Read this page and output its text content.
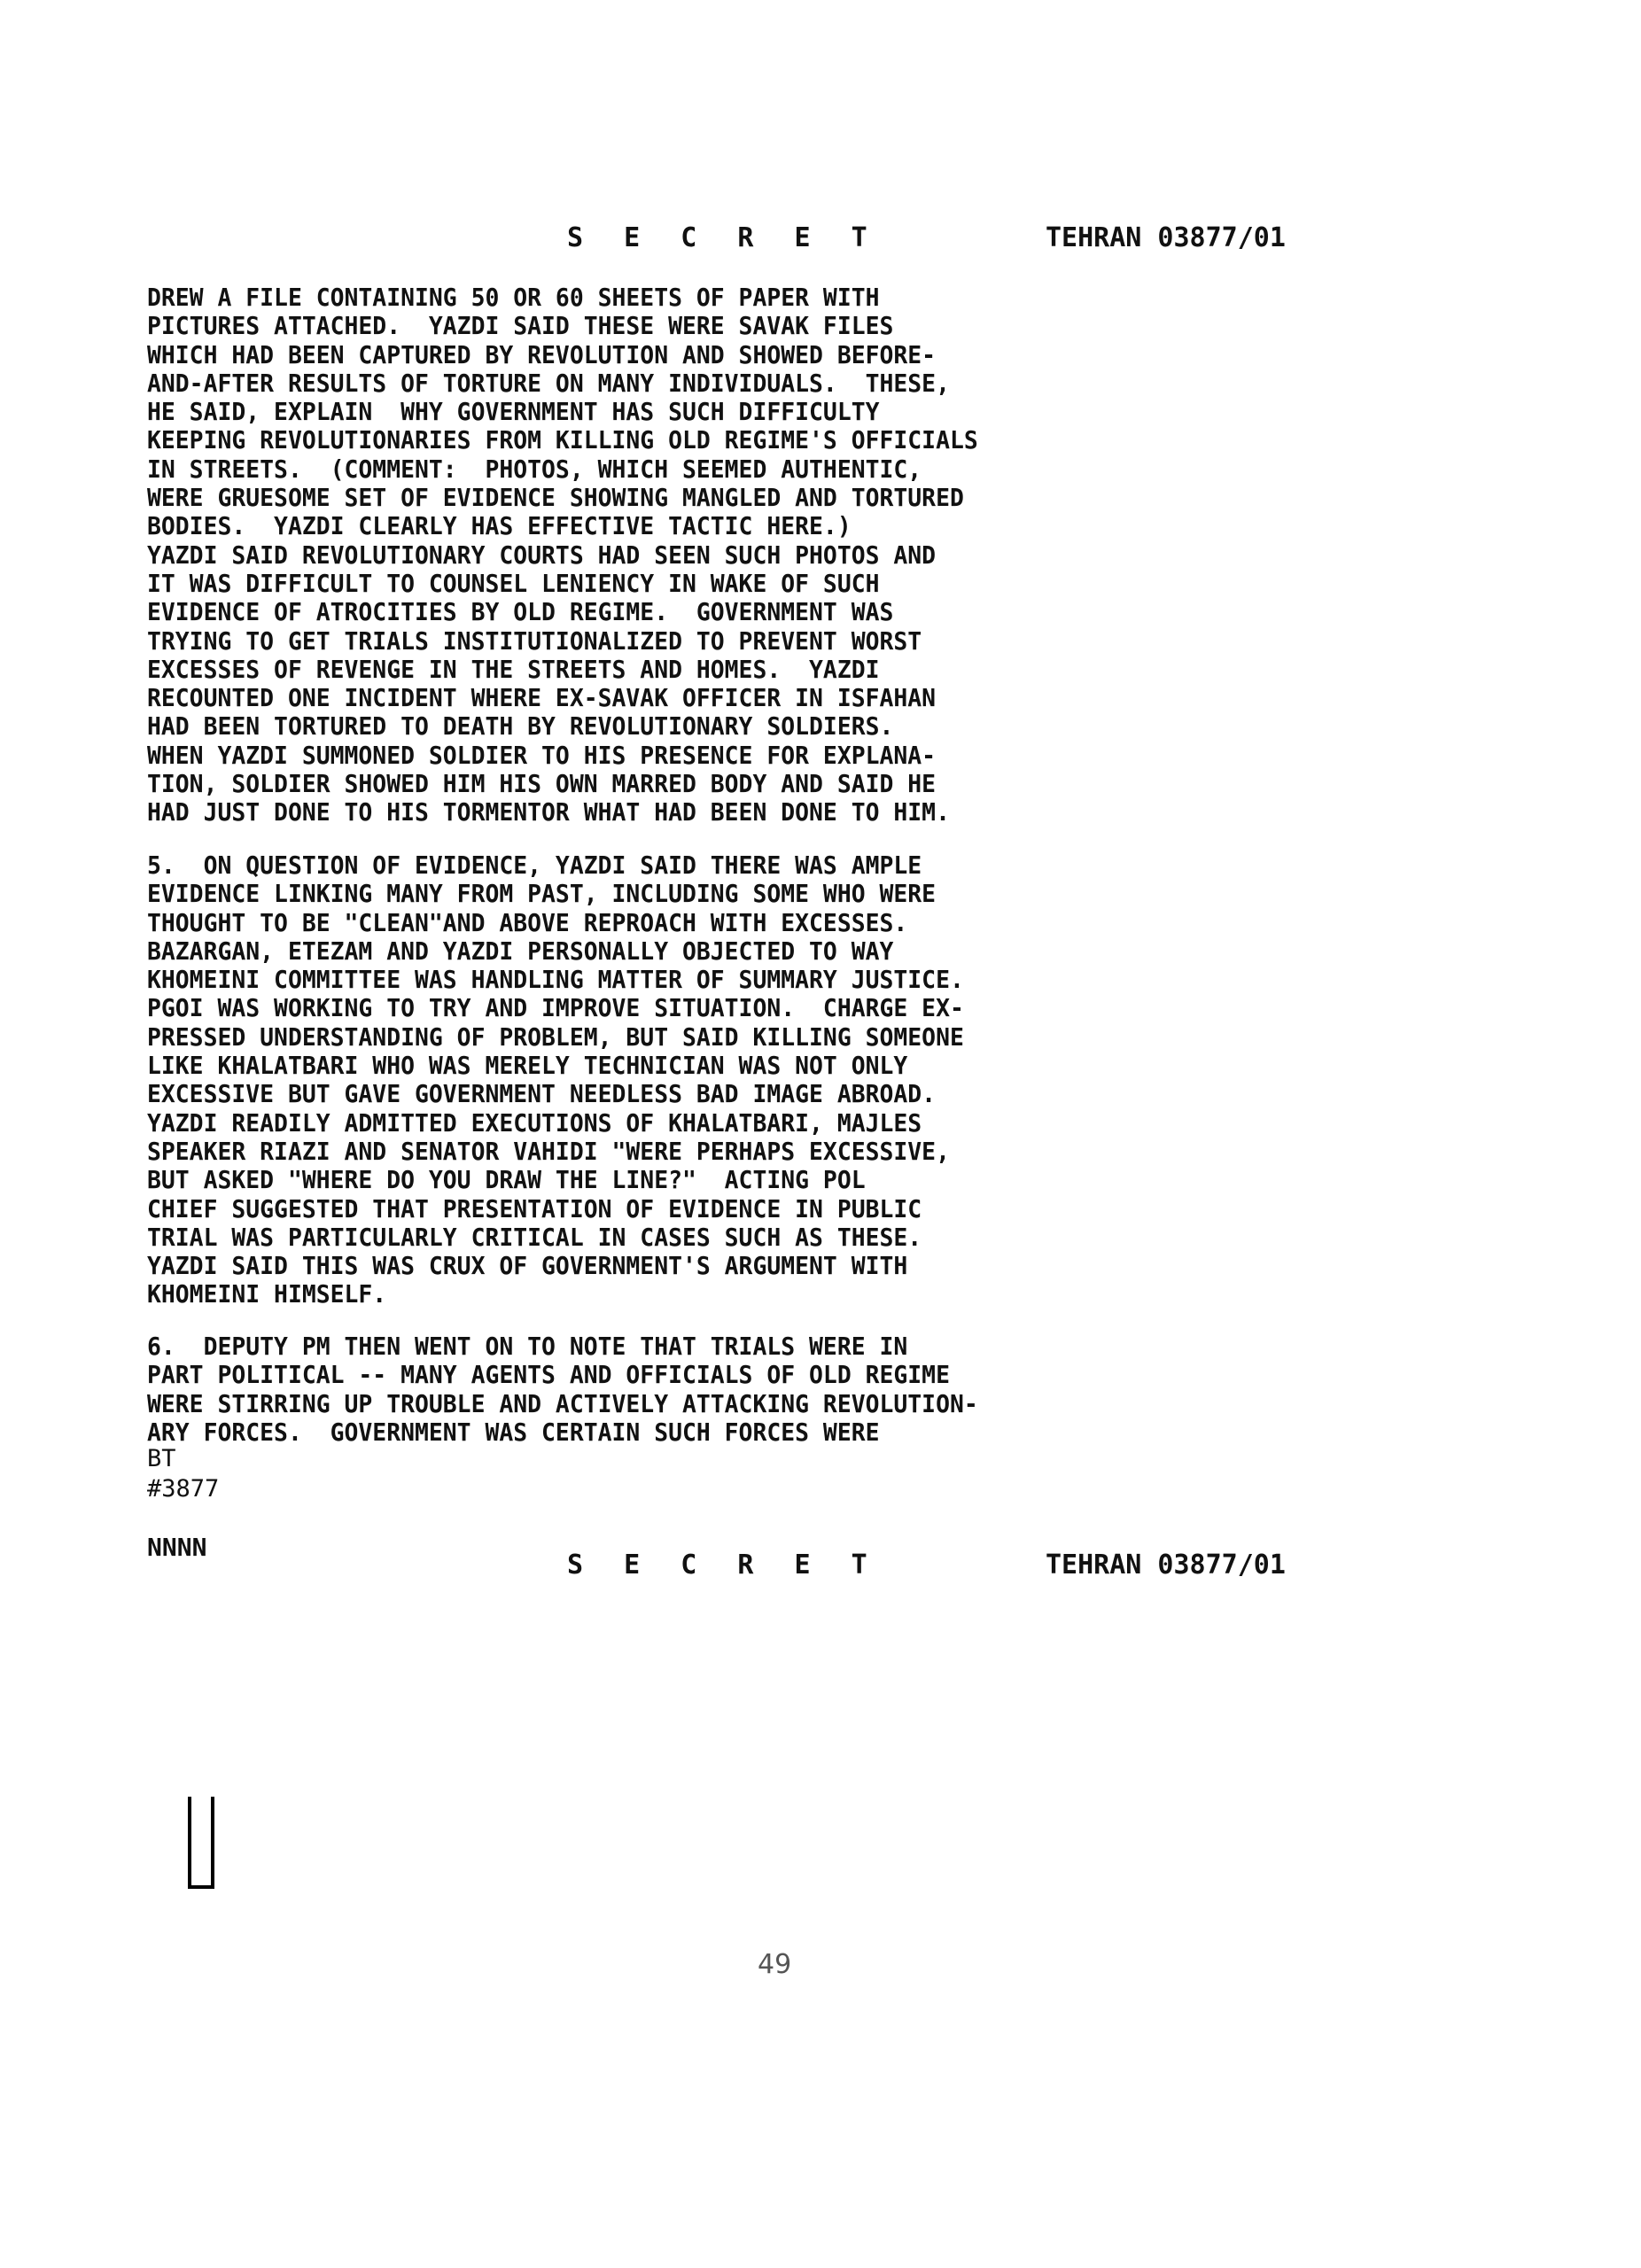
S E C R E T	TEHRAN 03877/01
DREW A FILE CONTAINING 50 OR 60 SHEETS OF PAPER WITH
PICTURES ATTACHED.  YAZDI SAID THESE WERE SAVAK FILES
WHICH HAD BEEN CAPTURED BY REVOLUTION AND SHOWED BEFORE-
AND-AFTER RESULTS OF TORTURE ON MANY INDIVIDUALS.  THESE,
HE SAID, EXPLAIN  WHY GOVERNMENT HAS SUCH DIFFICULTY
KEEPING REVOLUTIONARIES FROM KILLING OLD REGIME'S OFFICIALS
IN STREETS.  (COMMENT:  PHOTOS, WHICH SEEMED AUTHENTIC,
WERE GRUESOME SET OF EVIDENCE SHOWING MANGLED AND TORTURED
BODIES.  YAZDI CLEARLY HAS EFFECTIVE TACTIC HERE.)
YAZDI SAID REVOLUTIONARY COURTS HAD SEEN SUCH PHOTOS AND
IT WAS DIFFICULT TO COUNSEL LENIENCY IN WAKE OF SUCH
EVIDENCE OF ATROCITIES BY OLD REGIME.  GOVERNMENT WAS
TRYING TO GET TRIALS INSTITUTIONALIZED TO PREVENT WORST
EXCESSES OF REVENGE IN THE STREETS AND HOMES.  YAZDI
RECOUNTED ONE INCIDENT WHERE EX-SAVAK OFFICER IN ISFAHAN
HAD BEEN TORTURED TO DEATH BY REVOLUTIONARY SOLDIERS.
WHEN YAZDI SUMMONED SOLDIER TO HIS PRESENCE FOR EXPLANA-
TION, SOLDIER SHOWED HIM HIS OWN MARRED BODY AND SAID HE
HAD JUST DONE TO HIS TORMENTOR WHAT HAD BEEN DONE TO HIM.
5.  ON QUESTION OF EVIDENCE, YAZDI SAID THERE WAS AMPLE
EVIDENCE LINKING MANY FROM PAST, INCLUDING SOME WHO WERE
THOUGHT TO BE "CLEAN"AND ABOVE REPROACH WITH EXCESSES.
BAZARGAN, ETEZAM AND YAZDI PERSONALLY OBJECTED TO WAY
KHOMEINI COMMITTEE WAS HANDLING MATTER OF SUMMARY JUSTICE.
PGOI WAS WORKING TO TRY AND IMPROVE SITUATION.  CHARGE EX-
PRESSED UNDERSTANDING OF PROBLEM, BUT SAID KILLING SOMEONE
LIKE KHALATBARI WHO WAS MERELY TECHNICIAN WAS NOT ONLY
EXCESSIVE BUT GAVE GOVERNMENT NEEDLESS BAD IMAGE ABROAD.
YAZDI READILY ADMITTED EXECUTIONS OF KHALATBARI, MAJLES
SPEAKER RIAZI AND SENATOR VAHIDI "WERE PERHAPS EXCESSIVE,
BUT ASKED "WHERE DO YOU DRAW THE LINE?"  ACTING POL
CHIEF SUGGESTED THAT PRESENTATION OF EVIDENCE IN PUBLIC
TRIAL WAS PARTICULARLY CRITICAL IN CASES SUCH AS THESE.
YAZDI SAID THIS WAS CRUX OF GOVERNMENT'S ARGUMENT WITH
KHOMEINI HIMSELF.
6.  DEPUTY PM THEN WENT ON TO NOTE THAT TRIALS WERE IN
PART POLITICAL -- MANY AGENTS AND OFFICIALS OF OLD REGIME
WERE STIRRING UP TROUBLE AND ACTIVELY ATTACKING REVOLUTION-
ARY FORCES.  GOVERNMENT WAS CERTAIN SUCH FORCES WERE
BT
#3877
NNNN
S E C R E T	TEHRAN 03877/01
49
